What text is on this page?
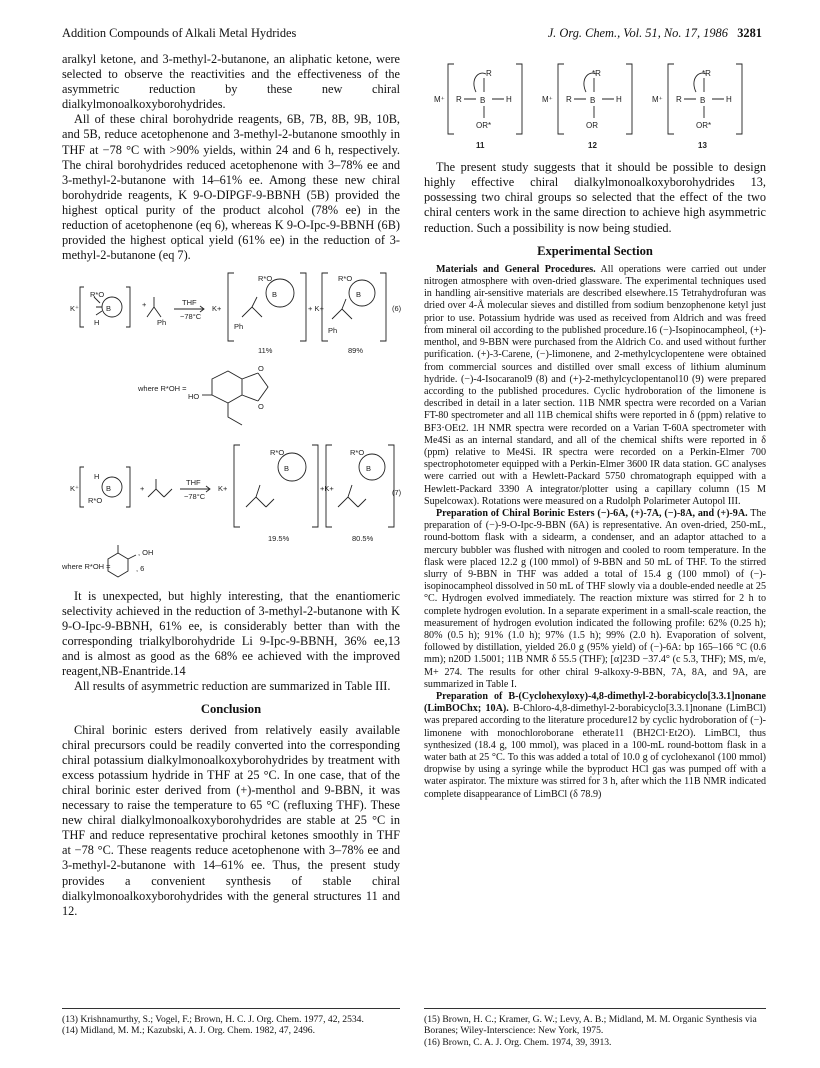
Addition Compounds of Alkali Metal Hydrides	J. Org. Chem., Vol. 51, No. 17, 1986 3281

aralkyl ketone, and 3-methyl-2-butanone, an aliphatic ketone, were selected to observe the reactivities and the effectiveness of the asymmetric reduction by these new chiral dialkylmonoalkoxyborohydrides.

All of these chiral borohydride reagents, 6B, 7B, 8B, 9B, 10B, and 5B, reduce acetophenone and 3-methyl-2-butanone smoothly in THF at −78 °C with >90% yields, within 24 and 6 h, respectively. The chiral borohydrides reduced acetophenone with 3–78% ee and 3-methyl-2-butanone with 14–61% ee. Among these new chiral borohydride reagents, K 9-O-DIPGF-9-BBNH (5B) provided the highest optical purity of the product alcohol (78% ee) in the reduction of acetophenone (eq 6), whereas K 9-O-Ipc-9-BBNH (6B) provided the highest optical yield (61% ee) in the reduction of 3-methyl-2-butanone (eq 7).

K⁺
R*O
B
H
+
Ph
THF
−78°C
K+
R*O
B
Ph
+ K+
R*O
B
Ph
(6)
11%	89%
where R*OH =
HO
O
O
K⁺
H
B
R*O
+
THF
−78°C
K+
R*O
B
+K+
R*O
B
(7)
19.5%	80.5%
where R*OH =
, OH
, 6

It is unexpected, but highly interesting, that the enantiomeric selectivity achieved in the reduction of 3-methyl-2-butanone with K 9-O-Ipc-9-BBNH, 61% ee, is considerably better than with the corresponding trialkylborohydride Li 9-Ipc-9-BBNH, 36% ee,13 and is almost as good as the 68% ee achieved with the improved reagent,NB-Enantride.14

All results of asymmetric reduction are summarized in Table III.

Conclusion

Chiral borinic esters derived from relatively easily available chiral precursors could be readily converted into the corresponding chiral potassium dialkylmonoalkoxyborohydrides by treatment with excess potassium hydride in THF at 25 °C. In one case, that of the chiral borinic ester derived from (+)-menthol and 9-BBN, it was necessary to raise the temperature to 65 °C (refluxing THF). These new chiral dialkylmonoalkoxyborohydrides are stable at 25 °C in THF and reduce representative prochiral ketones smoothly in THF at −78 °C. These reagents reduce acetophenone with 3–78% ee and 3-methyl-2-butanone with 14–61% ee. Thus, the present study provides a convenient synthesis of stable chiral dialkylmonoalkoxyborohydrides with the general structures 11 and 12.

M⁺
R
R B	H
OR*
11
M⁺
*R
R B	H
OR
12
M⁺
*R
R B	H
OR*
13

The present study suggests that it should be possible to design highly effective chiral dialkylmonoalkoxyborohydrides 13, possessing two chiral groups so selected that the effect of the two chiral centers work in the same direction to achieve high asymmetric reduction. Such a possibility is now being studied.

Experimental Section

Materials and General Procedures. All operations were carried out under nitrogen atmosphere with oven-dried glassware. The experimental techniques used in handling air-sensitive materials are described elsewhere.15 Tetrahydrofuran was dried over 4-Å molecular sieves and distilled from sodium benzophenone ketyl just prior to use. Potassium hydride was used as received from Aldrich and was freed from mineral oil according to the published procedure.16 (−)-Isopinocampheol, (+)-menthol, and 9-BBN were purchased from the Aldrich Co. and used without further purification. (+)-3-Carene, (−)-limonene, and 2-methylcyclopentene were obtained from commercial sources and distilled over small excess of lithium aluminum hydride. (−)-4-Isocaranol9 (8) and (+)-2-methylcyclopentanol10 (9) were prepared according to the published procedures. Cyclic hydroboration of the limonene is described in detail in a later section. 11B NMR spectra were recorded on a Varian FT-80 spectrometer and all 11B chemical shifts were reported in δ (ppm) relative to BF3·OEt2. 1H NMR spectra were recorded on a Varian T-60A spectrometer with Me4Si as an internal standard, and all of the chemical shifts were reported in δ (ppm) relative to Me4Si. IR spectra were recorded on a Perkin-Elmer 700 spectrophotometer equipped with a Perkin-Elmer 3600 IR data station. GC analyses were carried out with a Hewlett-Packard 5750 chromatograph equipped with a Hewlett-Packard 3390 A integrator/plotter using a capillary column (15 M Supelcowax). Rotations were measured on a Rudolph Polarimeter Autopol III.

Preparation of Chiral Borinic Esters (−)-6A, (+)-7A, (−)-8A, and (+)-9A. The preparation of (−)-9-O-Ipc-9-BBN (6A) is representative. An oven-dried, 250-mL, round-bottom flask with a sidearm, a condenser, and an adaptor attached to a mercury bubbler was flushed with nitrogen and cooled to room temperature. In the flask were placed 12.2 g (100 mmol) of 9-BBN and 50 mL of THF. To the stirred slurry of 9-BBN in THF was added a total of 15.4 g (100 mmol) of (−)-isopinocampheol dissolved in 50 mL of THF slowly via a double-ended needle at 25 °C. Hydrogen evolved immediately. The reaction mixture was stirred for 2 h to complete hydrogen evolution. In a separate experiment in a small-scale reaction, the measurement of hydrogen evolution indicated the following profile: 62% (0.25 h); 80% (0.5 h); 91% (1.0 h); 97% (1.5 h); 99% (2.0 h). Evaporation of solvent, followed by distillation, yielded 26.0 g (95% yield) of (−)-6A: bp 165–166 °C (0.6 mm); n20D 1.5001; 11B NMR δ 55.5 (THF); [α]23D −37.4° (c 5.3, THF); MS, m/e, M+ 274. The results for other chiral 9-alkoxy-9-BBN, 7A, 8A, and 9A, are summarized in Table I.

Preparation of B-(Cyclohexyloxy)-4,8-dimethyl-2-borabicyclo[3.3.1]nonane (LimBOChx; 10A). B-Chloro-4,8-dimethyl-2-borabicyclo[3.3.1]nonane (LimBCl) was prepared according to the literature procedure12 by cyclic hydroboration of (−)-limonene with monochloroborane etherate11 (BH2Cl·Et2O). LimBCl, thus synthesized (18.4 g, 100 mmol), was placed in a 100-mL round-bottom flask in a water bath at 25 °C. To this was added a total of 10.0 g of cyclohexanol (100 mmol) dropwise by using a syringe while the byproduct HCl gas was pumped off with a water aspirator. The mixture was stirred for 3 h, after which the 11B NMR indicated complete disappearance of LimBCl (δ 78.9)

(13) Krishnamurthy, S.; Vogel, F.; Brown, H. C. J. Org. Chem. 1977, 42, 2534.
(14) Midland, M. M.; Kazubski, A. J. Org. Chem. 1982, 47, 2496.
(15) Brown, H. C.; Kramer, G. W.; Levy, A. B.; Midland, M. M. Organic Synthesis via Boranes; Wiley-Interscience: New York, 1975.
(16) Brown, C. A. J. Org. Chem. 1974, 39, 3913.
